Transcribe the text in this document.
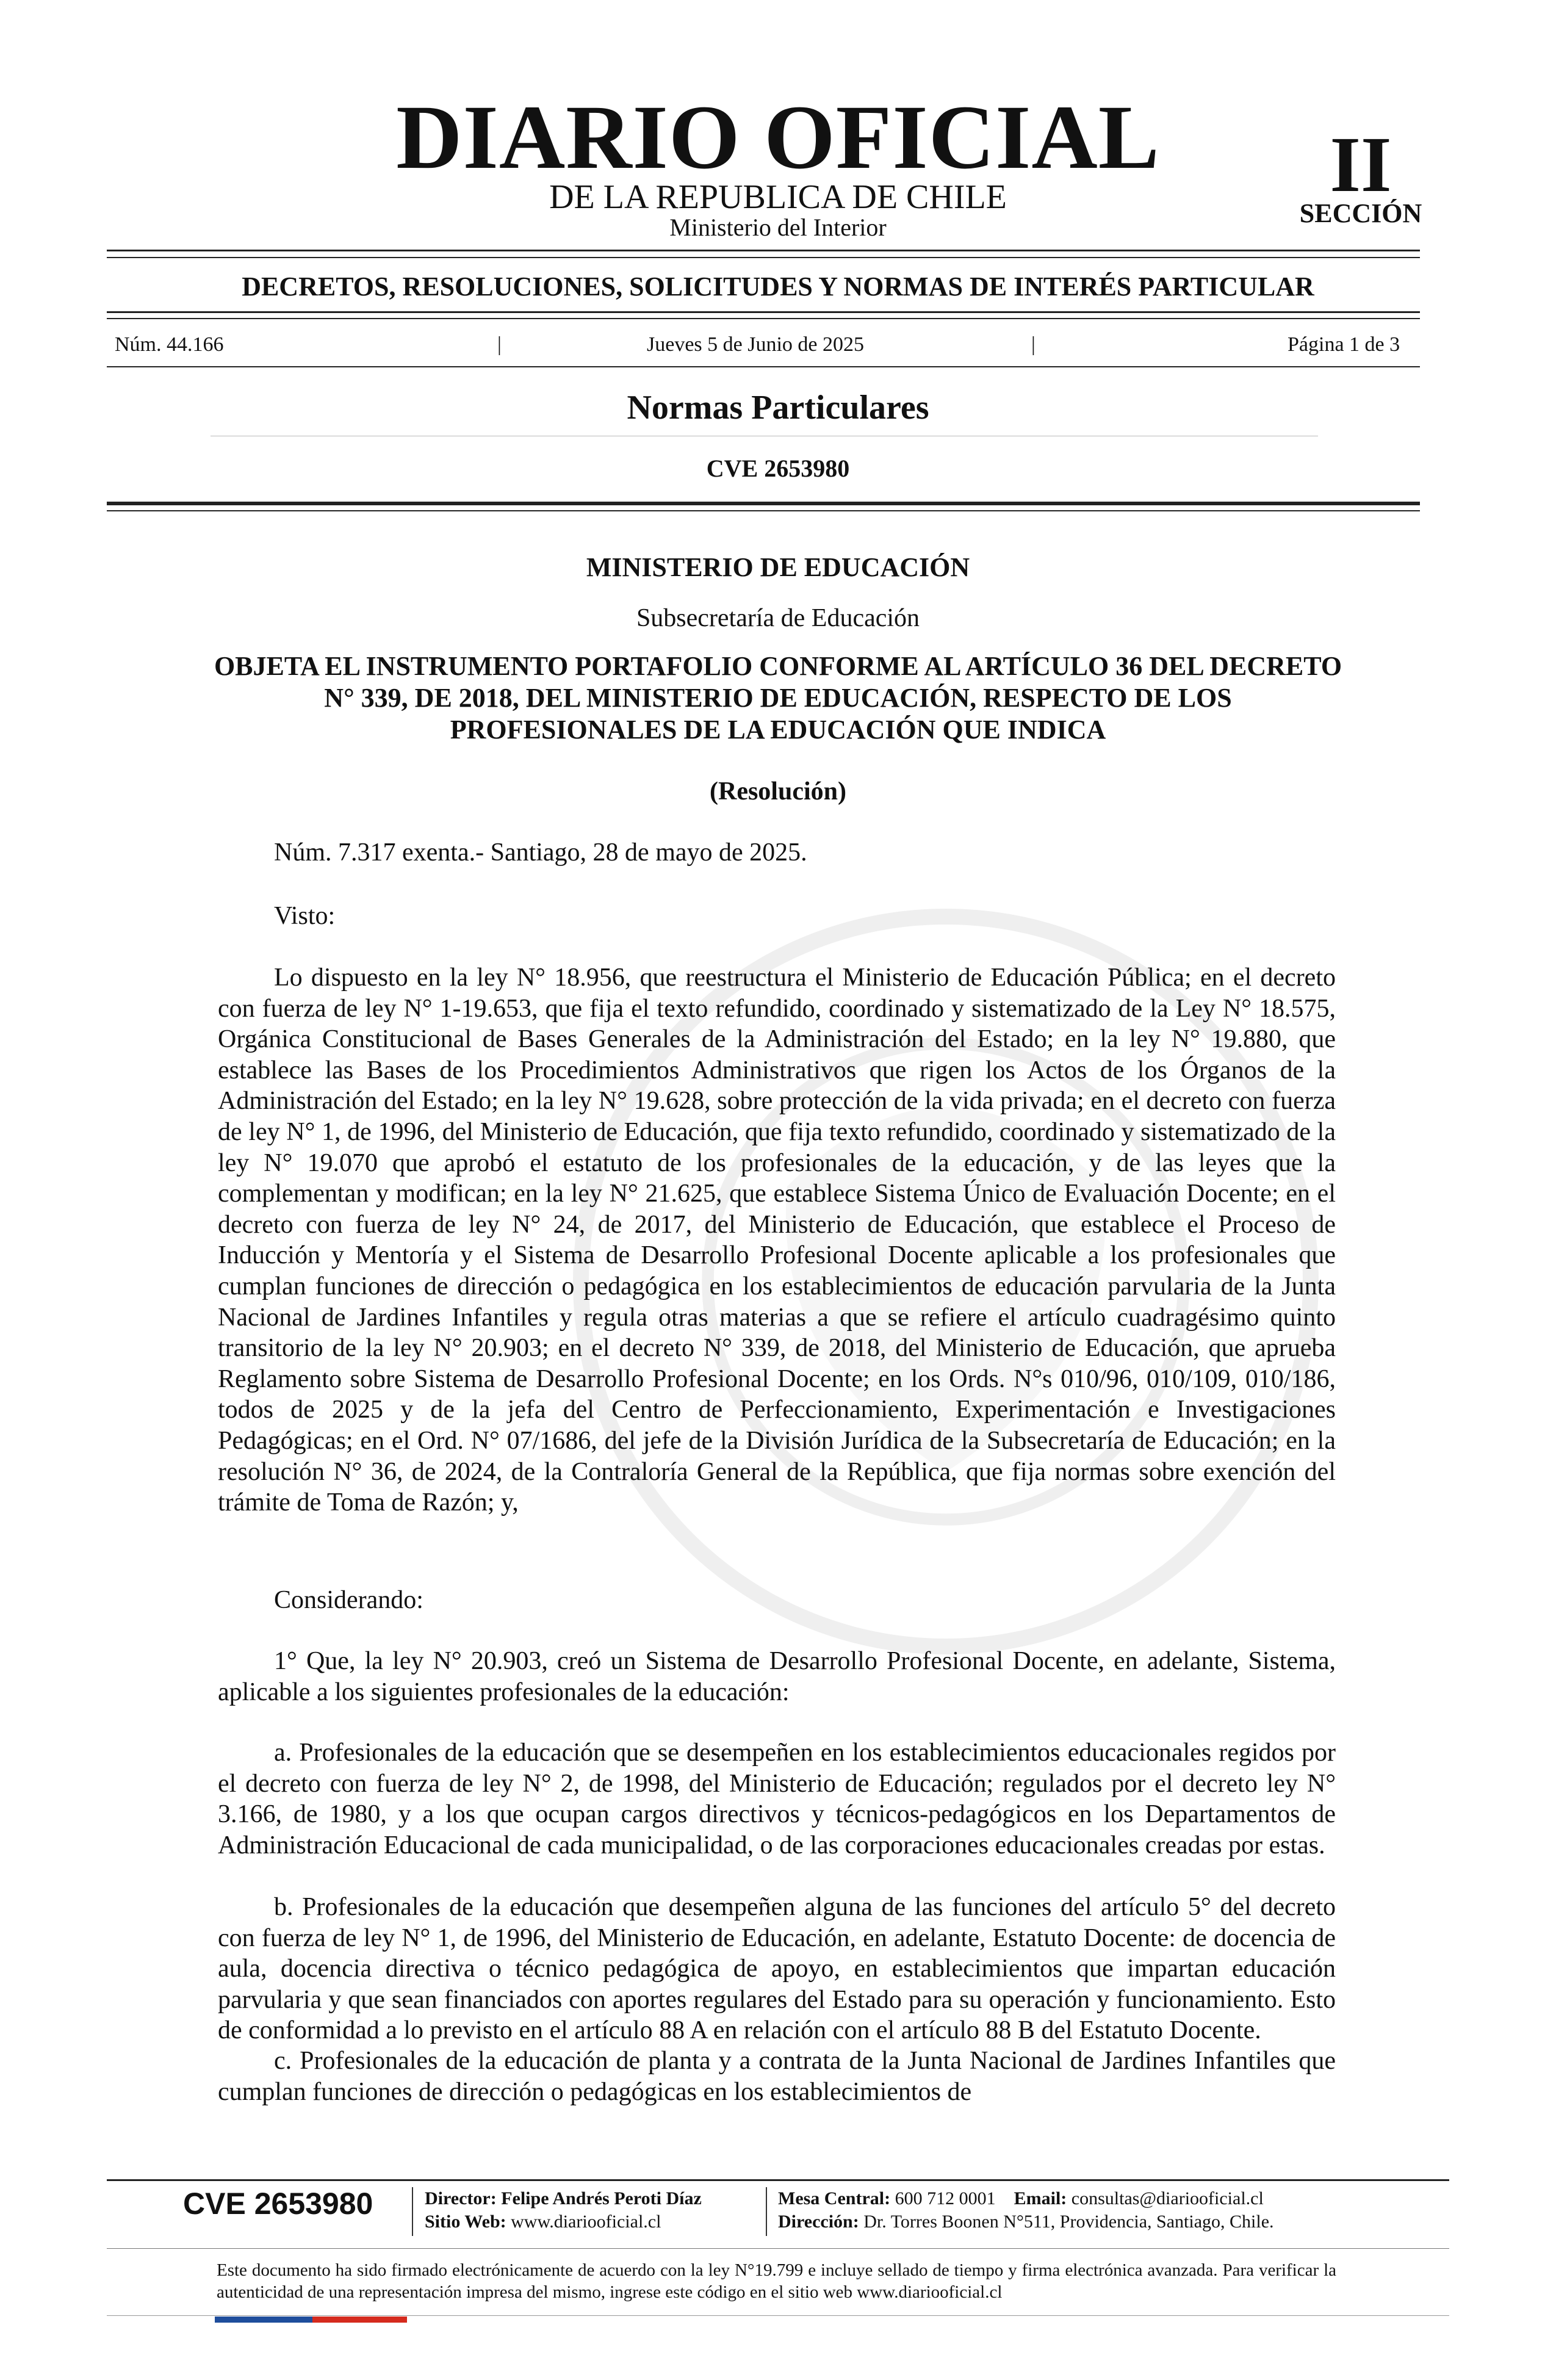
DIARIO OFICIAL
DE LA REPUBLICA DE CHILE
Ministerio del Interior
II
SECCIÓN
DECRETOS, RESOLUCIONES, SOLICITUDES Y NORMAS DE INTERÉS PARTICULAR
Núm. 44.166	|	Jueves 5 de Junio de 2025	|	Página 1 de 3
Normas Particulares
CVE 2653980
MINISTERIO DE EDUCACIÓN
Subsecretaría de Educación
OBJETA EL INSTRUMENTO PORTAFOLIO CONFORME AL ARTÍCULO 36 DEL DECRETO N° 339, DE 2018, DEL MINISTERIO DE EDUCACIÓN, RESPECTO DE LOS PROFESIONALES DE LA EDUCACIÓN QUE INDICA
(Resolución)
Núm. 7.317 exenta.- Santiago, 28 de mayo de 2025.
Visto:
Lo dispuesto en la ley N° 18.956, que reestructura el Ministerio de Educación Pública; en el decreto con fuerza de ley N° 1-19.653, que fija el texto refundido, coordinado y sistematizado de la Ley N° 18.575, Orgánica Constitucional de Bases Generales de la Administración del Estado; en la ley N° 19.880, que establece las Bases de los Procedimientos Administrativos que rigen los Actos de los Órganos de la Administración del Estado; en la ley N° 19.628, sobre protección de la vida privada; en el decreto con fuerza de ley N° 1, de 1996, del Ministerio de Educación, que fija texto refundido, coordinado y sistematizado de la ley N° 19.070 que aprobó el estatuto de los profesionales de la educación, y de las leyes que la complementan y modifican; en la ley N° 21.625, que establece Sistema Único de Evaluación Docente; en el decreto con fuerza de ley N° 24, de 2017, del Ministerio de Educación, que establece el Proceso de Inducción y Mentoría y el Sistema de Desarrollo Profesional Docente aplicable a los profesionales que cumplan funciones de dirección o pedagógica en los establecimientos de educación parvularia de la Junta Nacional de Jardines Infantiles y regula otras materias a que se refiere el artículo cuadragésimo quinto transitorio de la ley N° 20.903; en el decreto N° 339, de 2018, del Ministerio de Educación, que aprueba Reglamento sobre Sistema de Desarrollo Profesional Docente; en los Ords. N°s 010/96, 010/109, 010/186, todos de 2025 y de la jefa del Centro de Perfeccionamiento, Experimentación e Investigaciones Pedagógicas; en el Ord. N° 07/1686, del jefe de la División Jurídica de la Subsecretaría de Educación; en la resolución N° 36, de 2024, de la Contraloría General de la República, que fija normas sobre exención del trámite de Toma de Razón; y,
Considerando:
1° Que, la ley N° 20.903, creó un Sistema de Desarrollo Profesional Docente, en adelante, Sistema, aplicable a los siguientes profesionales de la educación:
a. Profesionales de la educación que se desempeñen en los establecimientos educacionales regidos por el decreto con fuerza de ley N° 2, de 1998, del Ministerio de Educación; regulados por el decreto ley N° 3.166, de 1980, y a los que ocupan cargos directivos y técnicos-pedagógicos en los Departamentos de Administración Educacional de cada municipalidad, o de las corporaciones educacionales creadas por estas.
b. Profesionales de la educación que desempeñen alguna de las funciones del artículo 5° del decreto con fuerza de ley N° 1, de 1996, del Ministerio de Educación, en adelante, Estatuto Docente: de docencia de aula, docencia directiva o técnico pedagógica de apoyo, en establecimientos que impartan educación parvularia y que sean financiados con aportes regulares del Estado para su operación y funcionamiento. Esto de conformidad a lo previsto en el artículo 88 A en relación con el artículo 88 B del Estatuto Docente.
c. Profesionales de la educación de planta y a contrata de la Junta Nacional de Jardines Infantiles que cumplan funciones de dirección o pedagógicas en los establecimientos de
CVE 2653980	Director: Felipe Andrés Peroti Díaz
Sitio Web: www.diariooficial.cl
Mesa Central: 600 712 0001 Email: consultas@diariooficial.cl
Dirección: Dr. Torres Boonen N°511, Providencia, Santiago, Chile.
Este documento ha sido firmado electrónicamente de acuerdo con la ley N°19.799 e incluye sellado de tiempo y firma electrónica avanzada. Para verificar la autenticidad de una representación impresa del mismo, ingrese este código en el sitio web www.diariooficial.cl
